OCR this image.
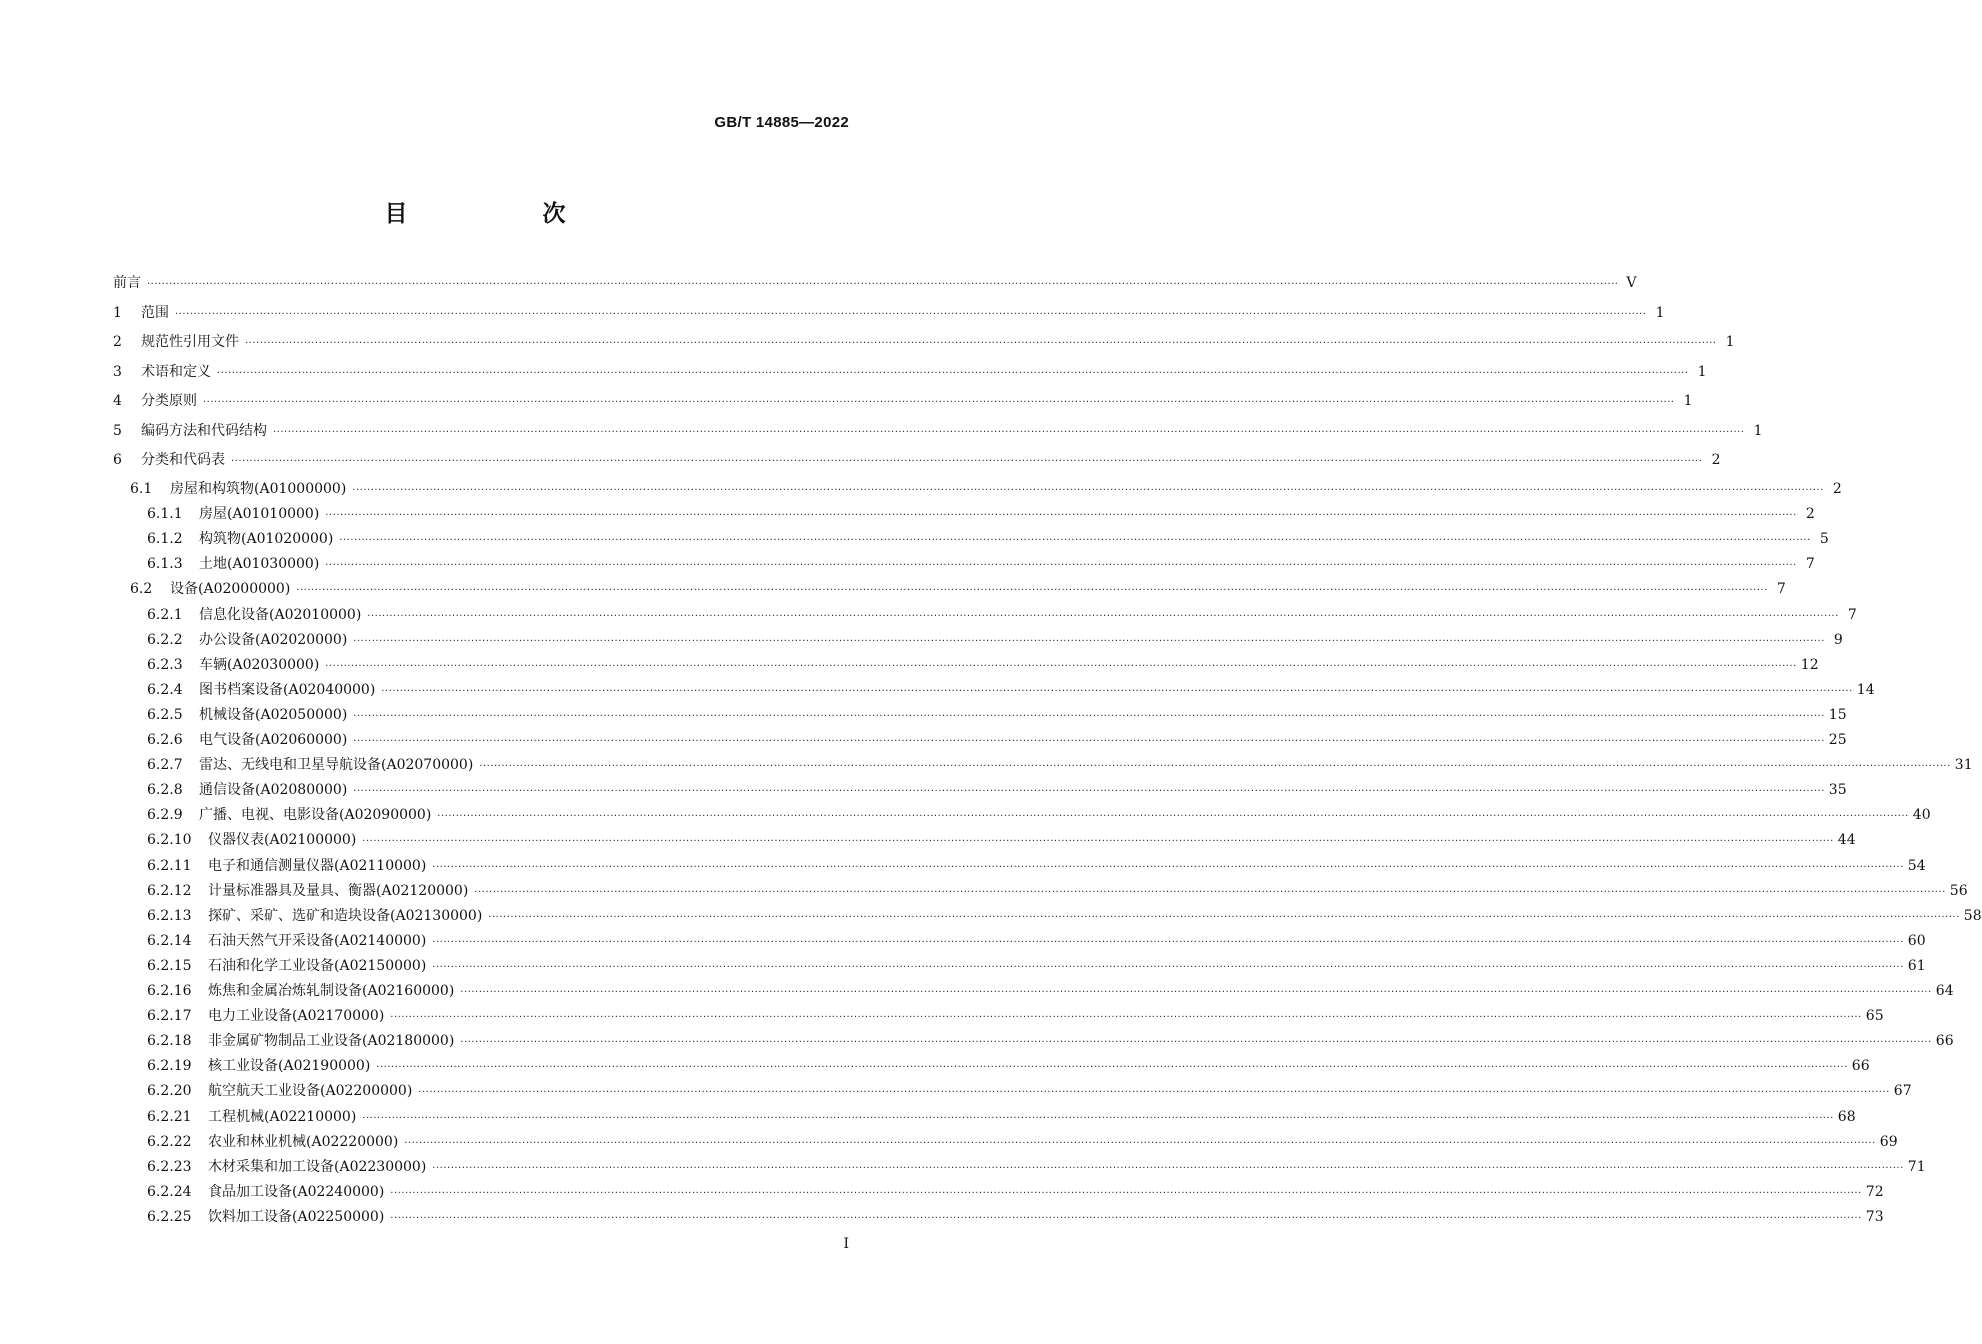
GB/T 14885—2022
目　次
前言 ················································································································································································································································································································································································································ Ⅴ
1	范围 ················································································································································································································································································································································································································ 1
2	规范性引用文件 ················································································································································································································································································································································································································ 1
3	术语和定义 ················································································································································································································································································································································································································ 1
4	分类原则 ················································································································································································································································································································································································································ 1
5	编码方法和代码结构 ················································································································································································································································································································································································································ 1
6	分类和代码表 ················································································································································································································································································································································································································ 2
6.1	房屋和构筑物(A01000000) ················································································································································································································································································································································································································ 2
6.1.1	房屋(A01010000) ················································································································································································································································································································································································································ 2
6.1.2	构筑物(A01020000) ················································································································································································································································································································································································································ 5
6.1.3	土地(A01030000) ················································································································································································································································································································································································································ 7
6.2	设备(A02000000) ················································································································································································································································································································································································································ 7
6.2.1	信息化设备(A02010000) ················································································································································································································································································································································································································ 7
6.2.2	办公设备(A02020000) ················································································································································································································································································································································································································ 9
6.2.3	车辆(A02030000) ················································································································································································································································································································································································································ 12
6.2.4	图书档案设备(A02040000) ················································································································································································································································································································································································································ 14
6.2.5	机械设备(A02050000) ················································································································································································································································································································································································································ 15
6.2.6	电气设备(A02060000) ················································································································································································································································································································································································································ 25
6.2.7	雷达、无线电和卫星导航设备(A02070000) ················································································································································································································································································································································································································ 31
6.2.8	通信设备(A02080000) ················································································································································································································································································································································································································ 35
6.2.9	广播、电视、电影设备(A02090000) ················································································································································································································································································································································································································ 40
6.2.10	仪器仪表(A02100000) ················································································································································································································································································································································································································ 44
6.2.11	电子和通信测量仪器(A02110000) ················································································································································································································································································································································································································ 54
6.2.12	计量标准器具及量具、衡器(A02120000) ················································································································································································································································································································································································································ 56
6.2.13	探矿、采矿、选矿和造块设备(A02130000) ················································································································································································································································································································································································································ 58
6.2.14	石油天然气开采设备(A02140000) ················································································································································································································································································································································································································ 60
6.2.15	石油和化学工业设备(A02150000) ················································································································································································································································································································································································································ 61
6.2.16	炼焦和金属冶炼轧制设备(A02160000) ················································································································································································································································································································································································································ 64
6.2.17	电力工业设备(A02170000) ················································································································································································································································································································································································································ 65
6.2.18	非金属矿物制品工业设备(A02180000) ················································································································································································································································································································································································································ 66
6.2.19	核工业设备(A02190000) ················································································································································································································································································································································································································ 66
6.2.20	航空航天工业设备(A02200000) ················································································································································································································································································································································································································ 67
6.2.21	工程机械(A02210000) ················································································································································································································································································································································································································ 68
6.2.22	农业和林业机械(A02220000) ················································································································································································································································································································································································································ 69
6.2.23	木材采集和加工设备(A02230000) ················································································································································································································································································································································································································ 71
6.2.24	食品加工设备(A02240000) ················································································································································································································································································································································································································ 72
6.2.25	饮料加工设备(A02250000) ················································································································································································································································································································································································································ 73
Ⅰ
